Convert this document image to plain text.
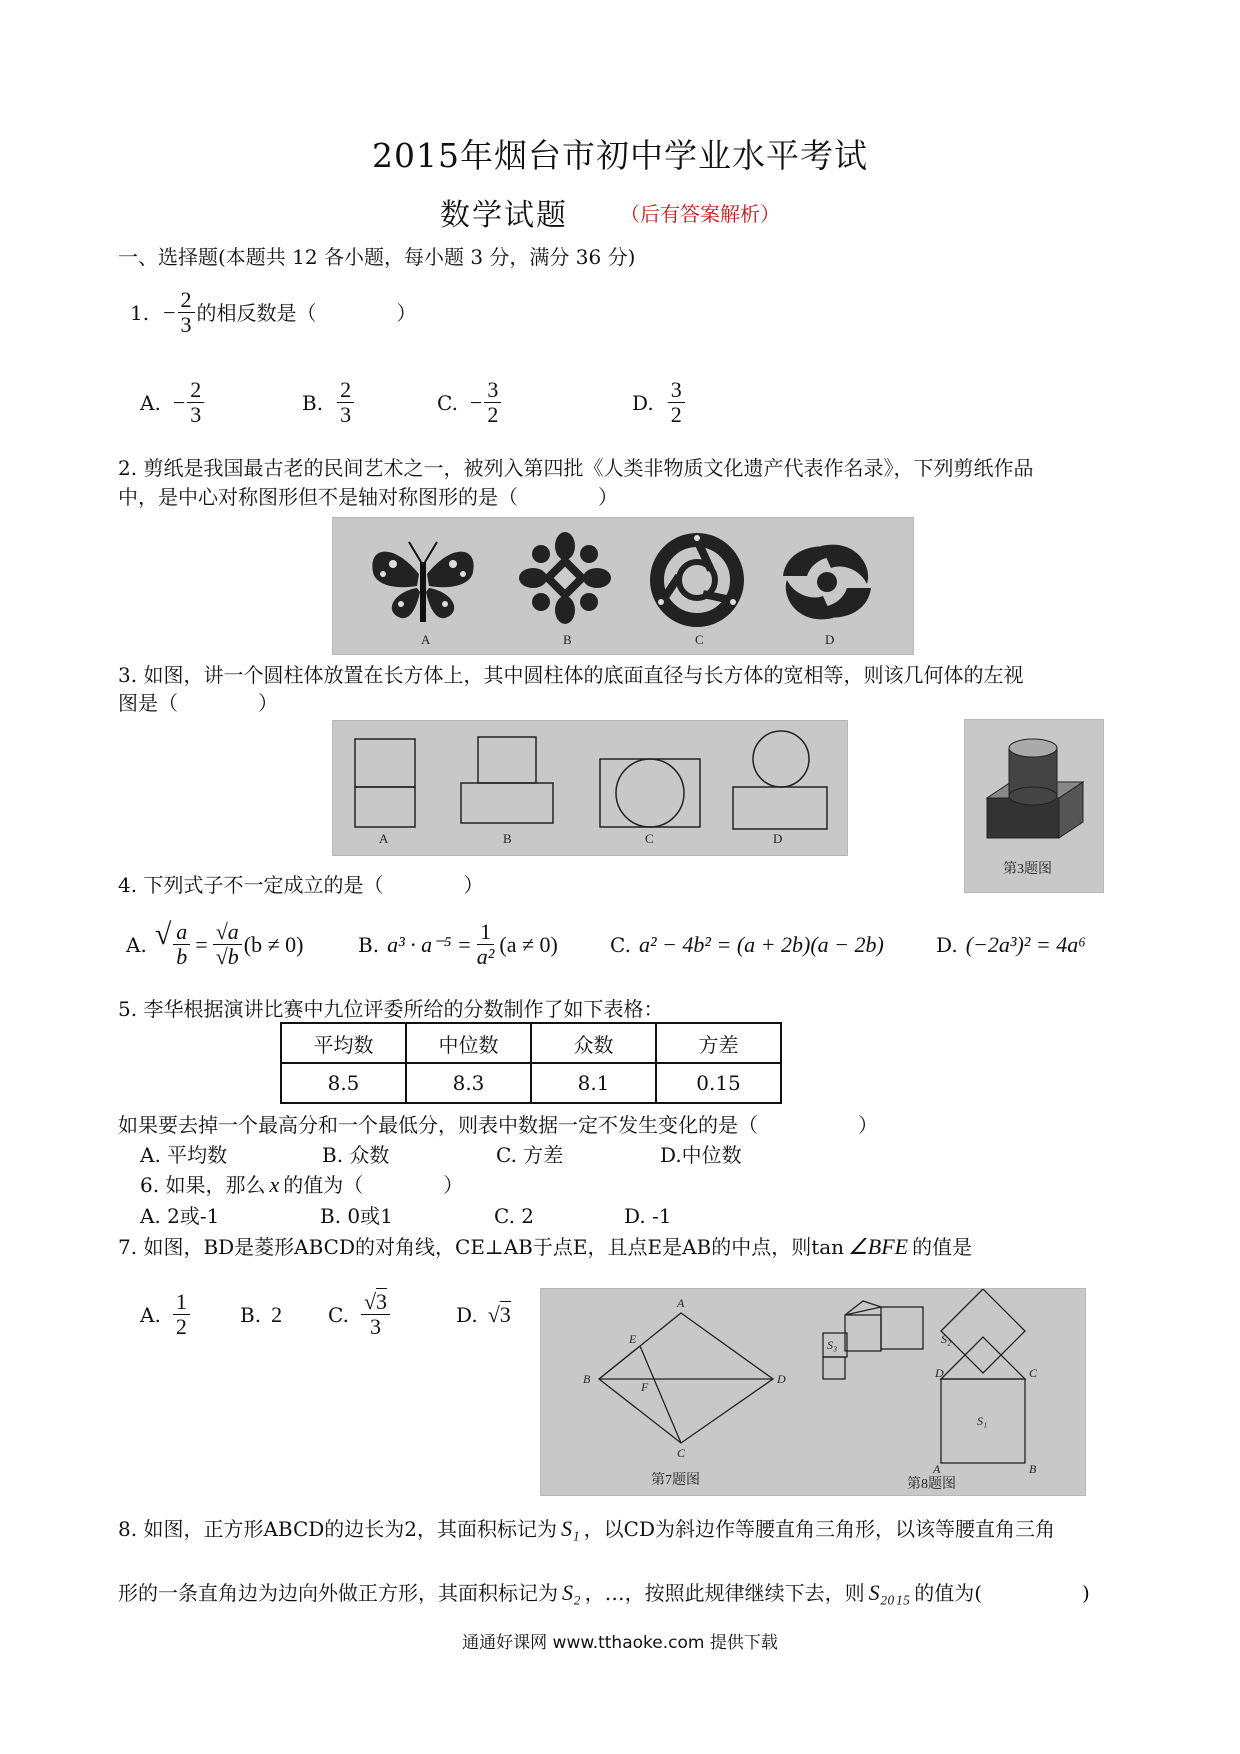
2015年烟台市初中学业水平考试
数学试题	（后有答案解析）
一、选择题(本题共 12 各小题，每小题 3 分，满分 36 分)
1. − $\frac{2}{3}$ 的相反数是（　　　　）
A. − $\frac{2}{3}$	B. $\frac{2}{3}$	C. − $\frac{3}{2}$	D. $\frac{3}{2}$
2. 剪纸是我国最古老的民间艺术之一，被列入第四批《人类非物质文化遗产代表作名录》，下列剪纸作品
中，是中心对称图形但不是轴对称图形的是（　　　　）
A	B	C	D
3. 如图，讲一个圆柱体放置在长方体上，其中圆柱体的底面直径与长方体的宽相等，则该几何体的左视
图是（　　　　）
A	B	C	D
第3题图
4. 下列式子不一定成立的是（　　　　）
A. √ $\frac{a}{b} = \frac{√a}{√b} (b \ne 0)$	B. $a^3 \cdot a^{-5} = \frac{1}{\text{a²}} (a \ne 0)$	C. a² − 4b² = (a + 2b)(a − 2b)	D. (−2a³)² = 4a⁶
5. 李华根据演讲比赛中九位评委所给的分数制作了如下表格：
平均数	中位数	众数	方差
8.5	8.3	8.1	0.15
如果要去掉一个最高分和一个最低分，则表中数据一定不发生变化的是（　　　　　）
A. 平均数	B. 众数	C. 方差	D.中位数
6. 如果，那么 x 的值为（　　　　）
A. 2或-1	B. 0或1	C. 2	D. -1
7. 如图，BD是菱形ABCD的对角线，CE⊥AB于点E，且点E是AB的中点，则tan ∠BFE 的值是
A. $\frac{1}{2}$	B. 2 C. $\frac{√3}{3}$	D. √3	A
B
C
D
E
F
D	C
A	B
S₁
S₂
S₃
第7题图	第8题图
8. 如图，正方形ABCD的边长为2，其面积标记为 S₁ ，以CD为斜边作等腰直角三角形，以该等腰直角三角
形的一条直角边为边向外做正方形，其面积标记为 S₂ ，…，按照此规律继续下去，则 S₂₀₁₅ 的值为(　　　　　)
通通好课网 www.tthaoke.com 提供下载
